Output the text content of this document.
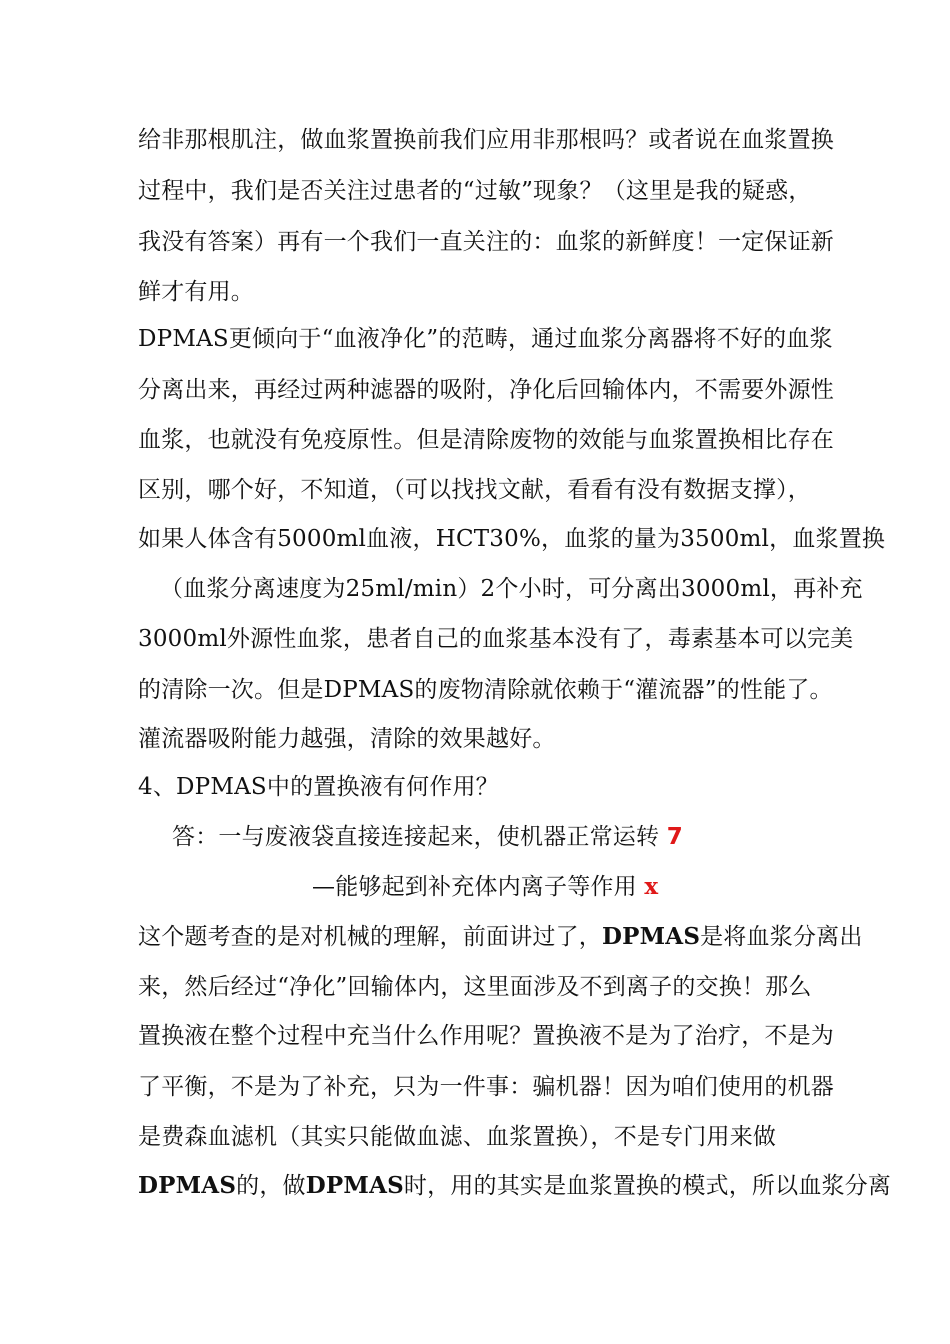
给非那根肌注，做血浆置换前我们应用非那根吗？或者说在血浆置换
过程中，我们是否关注过患者的“过敏”现象？（这里是我的疑惑，
我没有答案）再有一个我们一直关注的：血浆的新鲜度！一定保证新
鲜才有用。
DPMAS更倾向于“血液净化”的范畴，通过血浆分离器将不好的血浆
分离出来，再经过两种滤器的吸附，净化后回输体内，不需要外源性
血浆，也就没有免疫原性。但是清除废物的效能与血浆置换相比存在
区别，哪个好，不知道，（可以找找文献，看看有没有数据支撑），
如果人体含有5000ml血液，HCT30%，血浆的量为3500ml，血浆置换
（血浆分离速度为25ml/min）2个小时，可分离出3000ml，再补充
3000ml外源性血浆，患者自己的血浆基本没有了，毒素基本可以完美
的清除一次。但是DPMAS的废物清除就依赖于“灌流器”的性能了。
灌流器吸附能力越强，清除的效果越好。
4、DPMAS中的置换液有何作用？
答：一与废液袋直接连接起来，使机器正常运转 7
—能够起到补充体内离子等作用 x
这个题考查的是对机械的理解，前面讲过了，DPMAS是将血浆分离出
来，然后经过“净化”回输体内，这里面涉及不到离子的交换！那么
置换液在整个过程中充当什么作用呢？置换液不是为了治疗，不是为
了平衡，不是为了补充，只为一件事：骗机器！因为咱们使用的机器
是费森血滤机（其实只能做血滤、血浆置换），不是专门用来做
DPMAS的，做DPMAS时，用的其实是血浆置换的模式，所以血浆分离
